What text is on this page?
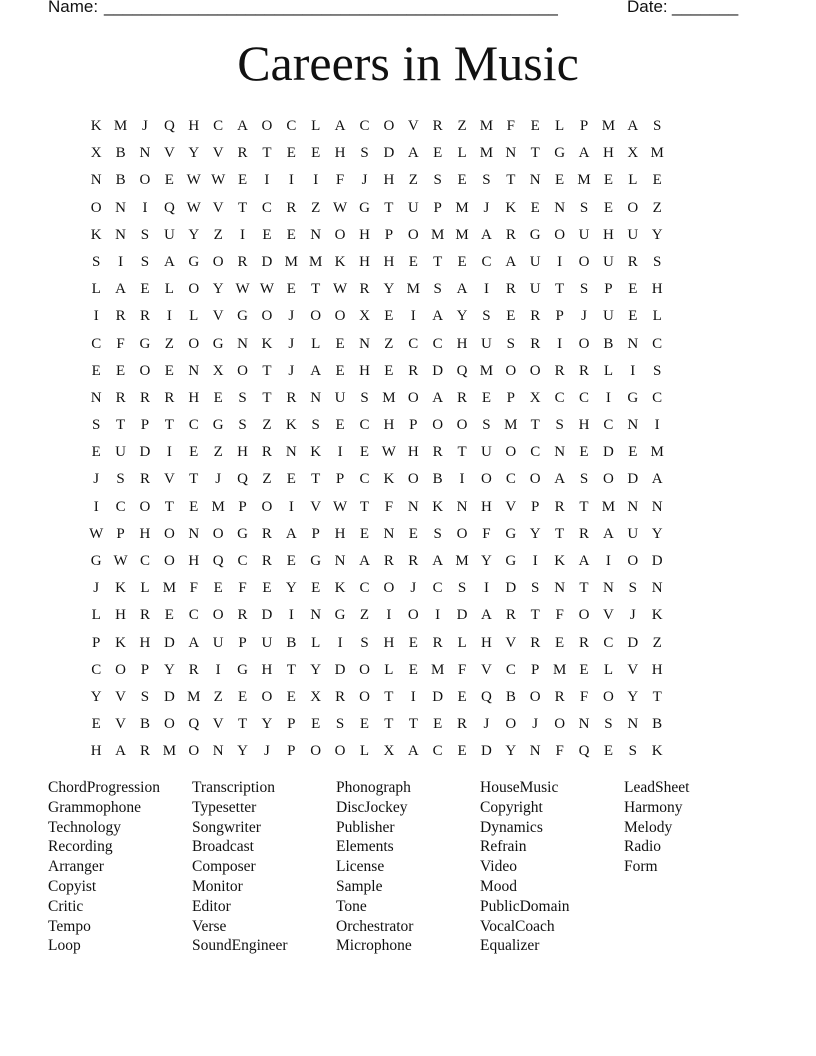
Name: ________________________________________________	Date: _______
Careers in Music
K M J	Q H C A O C L A C O V R Z M F	E	L	P M A S
X B N V Y V R T	E	E H S D A E	L M N T G A H X M
N B O E W W E	I	I	I	F	J	H Z	S	E	S	T N E M E	L	E
O N	I	Q W V T C R Z W G T U P M J	K E N S	E O Z
K N S U Y Z	I	E	E N O H P O M M A R G O U H U Y
S	I	S A G O R D M M K H H E	T	E C A U	I	O U R	S
L A E	L O Y W W E	T W R Y M S A	I	R U T	S	P	E H
I	R R	I	L V G O	J	O O X E	I	A Y S	E R	P	J	U E	L
C	F G Z O G N K	J	L	E N Z C C H U S	R	I	O B N C
E	E O E N X O T	J	A E H E R D Q M O O R R L	I	S
N R R R H E	S	T R N U S M O A R E	P X C C	I	G C
S	T	P	T C G S	Z K S	E C H P O O S M T	S H C N	I
E U D	I	E	Z H R N K	I	E W H R T U O C N E D E M
J	S	R V T	J	Q Z	E	T	P	C K O B	I	O C O A S O D A
I	C O T	E M P O	I	V W T	F N K N H V P	R T M N N
W P H O N O G R A P H E N E	S O F G Y T R A U Y
G W C O H Q C R E G N A R R A M Y G	I	K A	I	O D
J	K L M F	E	F	E Y E K C O	J	C	S	I	D S N T N S N
L H R E C O R D	I	N G Z	I	O	I	D A R T	F O V	J	K
P K H D A U P U B L	I	S H E R L H V R E R C D Z
C O P Y R	I	G H T Y D O L	E M F V C	P M E	L V H
Y V S D M Z	E O E X R O T	I	D E Q B O R	F O Y T
E V B O Q V T Y P	E	S	E	T	T	E R	J	O	J	O N S N B
H A R M O N Y	J	P O O L X A C E D Y N F Q E	S K
ChordProgression
Grammophone
Technology
Recording
Arranger
Copyist
Critic
Tempo
Loop
Transcription
Typesetter
Songwriter
Broadcast
Composer
Monitor
Editor
Verse
SoundEngineer
Phonograph
DiscJockey
Publisher
Elements
License
Sample
Tone
Orchestrator
Microphone
HouseMusic
Copyright
Dynamics
Refrain
Video
Mood
PublicDomain
VocalCoach
Equalizer
LeadSheet
Harmony
Melody
Radio
Form
